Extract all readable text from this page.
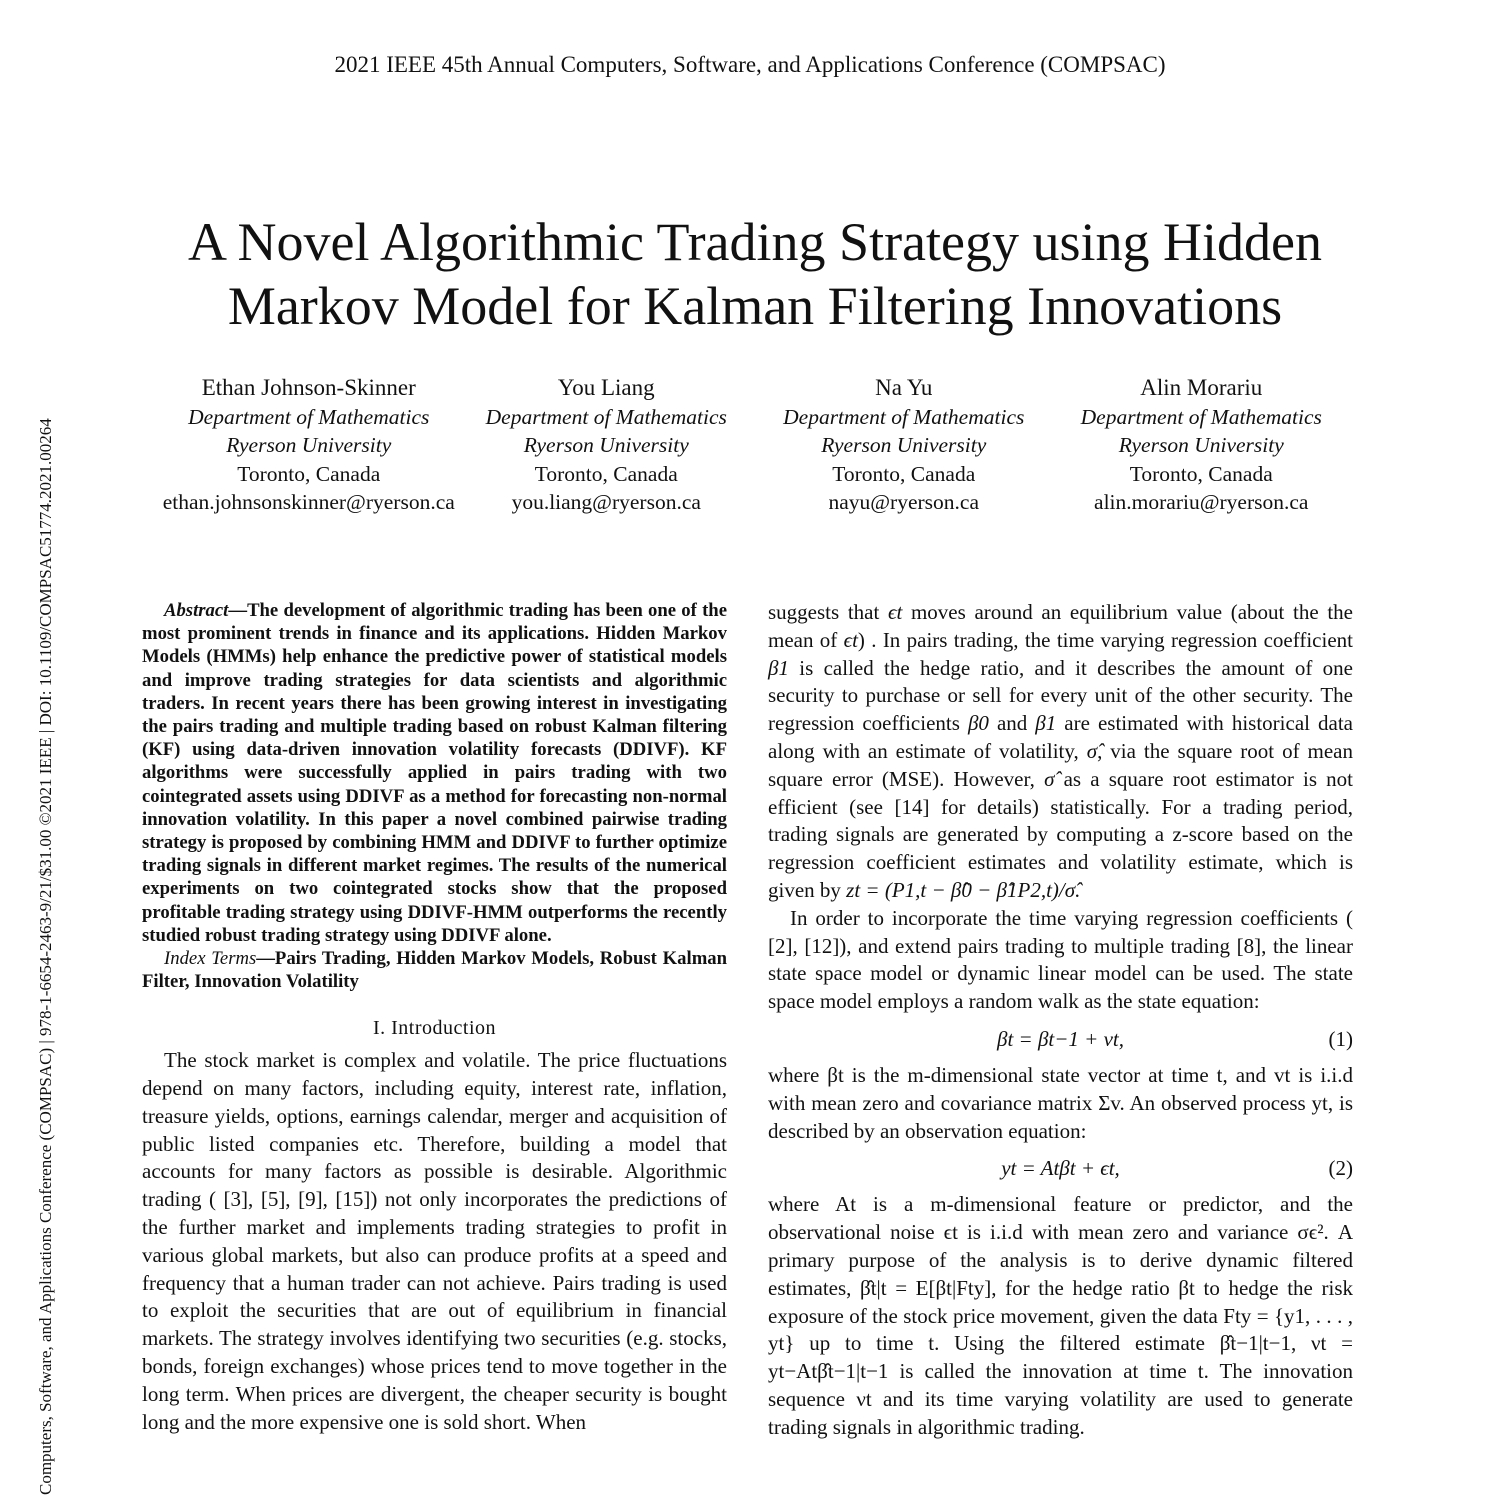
2021 IEEE 45th Annual Computers, Software, and Applications Conference (COMPSAC)
Computers, Software, and Applications Conference (COMPSAC) | 978-1-6654-2463-9/21/$31.00 ©2021 IEEE | DOI: 10.1109/COMPSAC51774.2021.00264
A Novel Algorithmic Trading Strategy using Hidden
Markov Model for Kalman Filtering Innovations
Ethan Johnson-Skinner
Department of Mathematics
Ryerson University
Toronto, Canada
ethan.johnsonskinner@ryerson.ca
You Liang
Department of Mathematics
Ryerson University
Toronto, Canada
you.liang@ryerson.ca
Na Yu
Department of Mathematics
Ryerson University
Toronto, Canada
nayu@ryerson.ca
Alin Morariu
Department of Mathematics
Ryerson University
Toronto, Canada
alin.morariu@ryerson.ca

Abstract—The development of algorithmic trading has been one of the most prominent trends in finance and its applications. Hidden Markov Models (HMMs) help enhance the predictive power of statistical models and improve trading strategies for data scientists and algorithmic traders. In recent years there has been growing interest in investigating the pairs trading and multiple trading based on robust Kalman filtering (KF) using data-driven innovation volatility forecasts (DDIVF). KF algorithms were successfully applied in pairs trading with two cointegrated assets using DDIVF as a method for forecasting non-normal innovation volatility. In this paper a novel combined pairwise trading strategy is proposed by combining HMM and DDIVF to further optimize trading signals in different market regimes. The results of the numerical experiments on two cointegrated stocks show that the proposed profitable trading strategy using DDIVF-HMM outperforms the recently studied robust trading strategy using DDIVF alone.

Index Terms—Pairs Trading, Hidden Markov Models, Robust Kalman Filter, Innovation Volatility

I. Introduction

The stock market is complex and volatile. The price fluctuations depend on many factors, including equity, interest rate, inflation, treasure yields, options, earnings calendar, merger and acquisition of public listed companies etc. Therefore, building a model that accounts for many factors as possible is desirable. Algorithmic trading ( [3], [5], [9], [15]) not only incorporates the predictions of the further market and implements trading strategies to profit in various global markets, but also can produce profits at a speed and frequency that a human trader can not achieve. Pairs trading is used to exploit the securities that are out of equilibrium in financial markets. The strategy involves identifying two securities (e.g. stocks, bonds, foreign exchanges) whose prices tend to move together in the long term. When prices are divergent, the cheaper security is bought long and the more expensive one is sold short. When

suggests that ϵt moves around an equilibrium value (about the the mean of ϵt) . In pairs trading, the time varying regression coefficient β1 is called the hedge ratio, and it describes the amount of one security to purchase or sell for every unit of the other security. The regression coefficients β0 and β1 are estimated with historical data along with an estimate of volatility, σ̂, via the square root of mean square error (MSE). However, σ̂ as a square root estimator is not efficient (see [14] for details) statistically. For a trading period, trading signals are generated by computing a z-score based on the regression coefficient estimates and volatility estimate, which is given by zt = (P1,t − β̂0 − β̂1P2,t)/σ̂.

In order to incorporate the time varying regression coefficients ( [2], [12]), and extend pairs trading to multiple trading [8], the linear state space model or dynamic linear model can be used. The state space model employs a random walk as the state equation:

βt = βt−1 + vt,	(1)

where βt is the m-dimensional state vector at time t, and vt is i.i.d with mean zero and covariance matrix Σv. An observed process yt, is described by an observation equation:

yt = Atβt + ϵt,	(2)

where At is a m-dimensional feature or predictor, and the observational noise ϵt is i.i.d with mean zero and variance σϵ². A primary purpose of the analysis is to derive dynamic filtered estimates, β̂t|t = E[βt|Fty], for the hedge ratio βt to hedge the risk exposure of the stock price movement, given the data Fty = {y1, . . . , yt} up to time t. Using the filtered estimate β̂t−1|t−1, νt = yt−Atβ̂t−1|t−1 is called the innovation at time t. The innovation sequence νt and its time varying volatility are used to generate trading signals in algorithmic trading.
